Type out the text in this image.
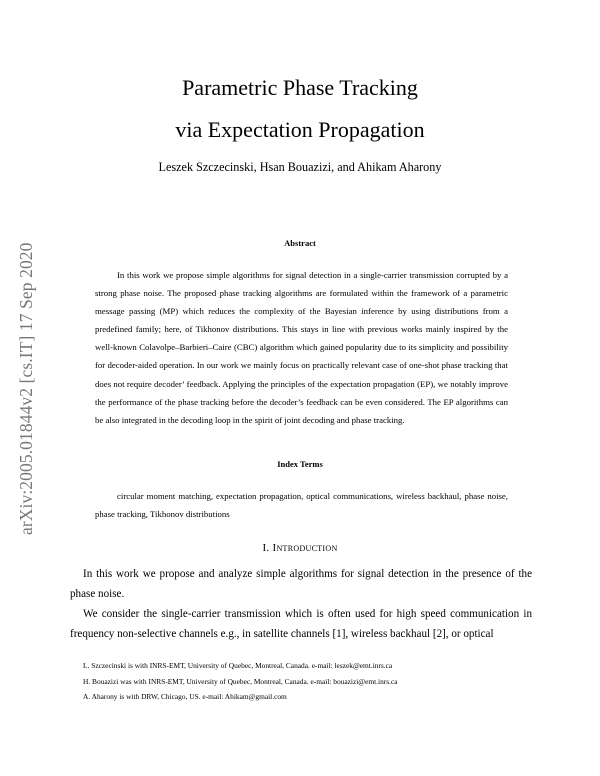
arXiv:2005.01844v2 [cs.IT] 17 Sep 2020
Parametric Phase Tracking
via Expectation Propagation
Leszek Szczecinski, Hsan Bouazizi, and Ahikam Aharony
Abstract

In this work we propose simple algorithms for signal detection in a single-carrier transmission corrupted by a strong phase noise. The proposed phase tracking algorithms are formulated within the framework of a parametric message passing (MP) which reduces the complexity of the Bayesian inference by using distributions from a predefined family; here, of Tikhonov distributions. This stays in line with previous works mainly inspired by the well-known Colavolpe–Barbieri–Caire (CBC) algorithm which gained popularity due to its simplicity and possibility for decoder-aided operation. In our work we mainly focus on practically relevant case of one-shot phase tracking that does not require decoder’ feedback. Applying the principles of the expectation propagation (EP), we notably improve the performance of the phase tracking before the decoder’s feedback can be even considered. The EP algorithms can be also integrated in the decoding loop in the spirit of joint decoding and phase tracking.

Index Terms

circular moment matching, expectation propagation, optical communications, wireless backhaul, phase noise, phase tracking, Tikhonov distributions

I. Introduction

In this work we propose and analyze simple algorithms for signal detection in the presence of the phase noise.

We consider the single-carrier transmission which is often used for high speed communication in frequency non-selective channels e.g., in satellite channels [1], wireless backhaul [2], or optical

L. Szczecinski is with INRS-EMT, University of Quebec, Montreal, Canada. e-mail: leszek@emt.inrs.ca
H. Bouazizi was with INRS-EMT, University of Quebec, Montreal, Canada. e-mail: bouazizi@emt.inrs.ca
A. Aharony is with DRW, Chicago, US. e-mail: Ahikam@gmail.com
